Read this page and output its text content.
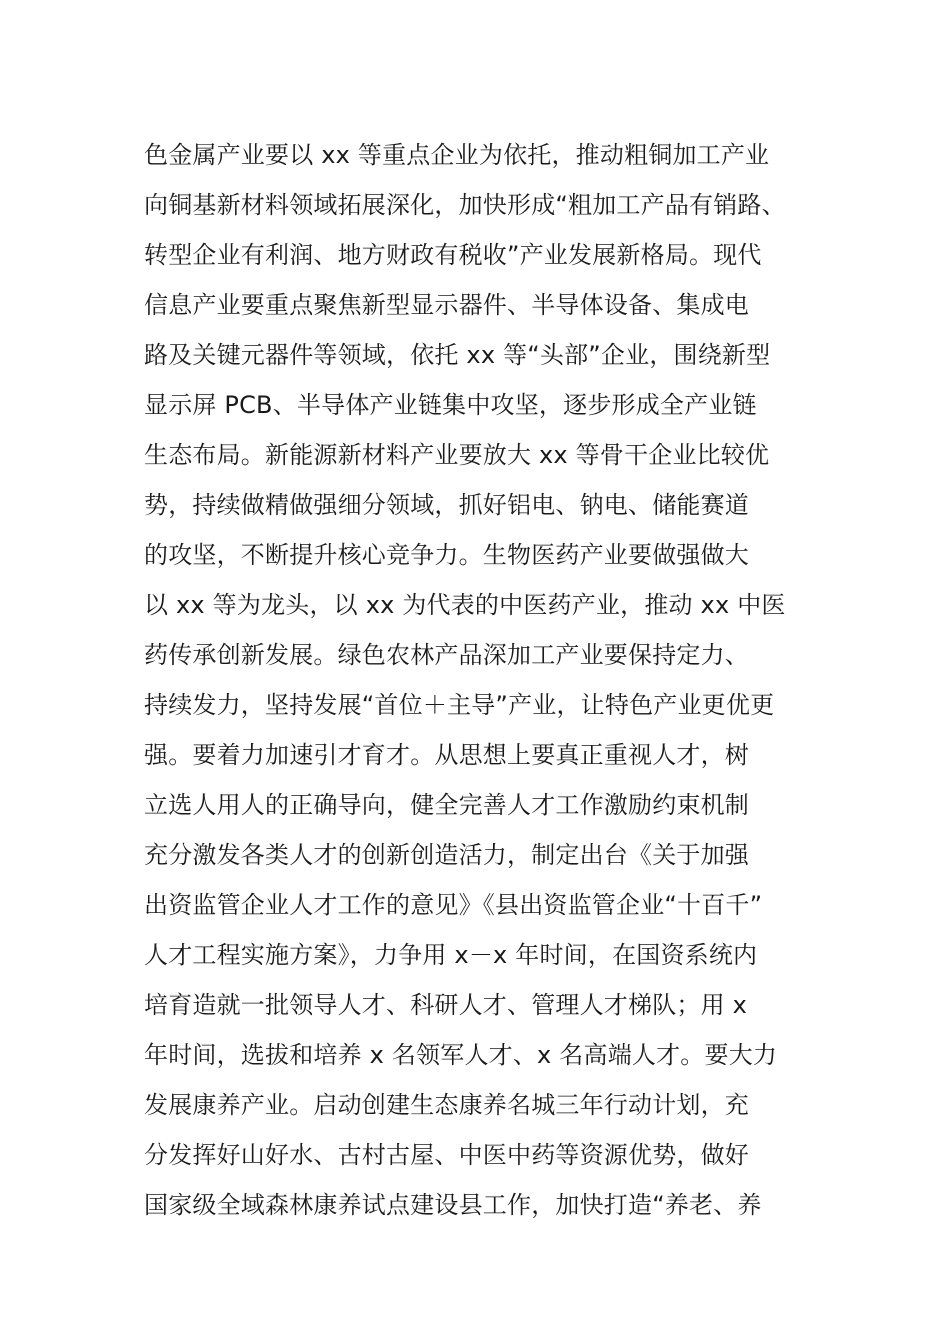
色金属产业要以 xx 等重点企业为依托，推动粗铜加工产业
向铜基新材料领域拓展深化，加快形成“粗加工产品有销路、
转型企业有利润、地方财政有税收”产业发展新格局。现代
信息产业要重点聚焦新型显示器件、半导体设备、集成电
路及关键元器件等领域，依托 xx 等“头部”企业，围绕新型
显示屏 PCB、半导体产业链集中攻坚，逐步形成全产业链
生态布局。新能源新材料产业要放大 xx 等骨干企业比较优
势，持续做精做强细分领域，抓好铝电、钠电、储能赛道
的攻坚，不断提升核心竞争力。生物医药产业要做强做大
以 xx 等为龙头，以 xx 为代表的中医药产业，推动 xx 中医
药传承创新发展。绿色农林产品深加工产业要保持定力、
持续发力，坚持发展“首位＋主导”产业，让特色产业更优更
强。要着力加速引才育才。从思想上要真正重视人才，树
立选人用人的正确导向，健全完善人才工作激励约束机制
充分激发各类人才的创新创造活力，制定出台《关于加强
出资监管企业人才工作的意见》《县出资监管企业“十百千”
人才工程实施方案》，力争用 x－x 年时间，在国资系统内
培育造就一批领导人才、科研人才、管理人才梯队；用 x
年时间，选拔和培养 x 名领军人才、x 名高端人才。要大力
发展康养产业。启动创建生态康养名城三年行动计划，充
分发挥好山好水、古村古屋、中医中药等资源优势，做好
国家级全域森林康养试点建设县工作，加快打造“养老、养
